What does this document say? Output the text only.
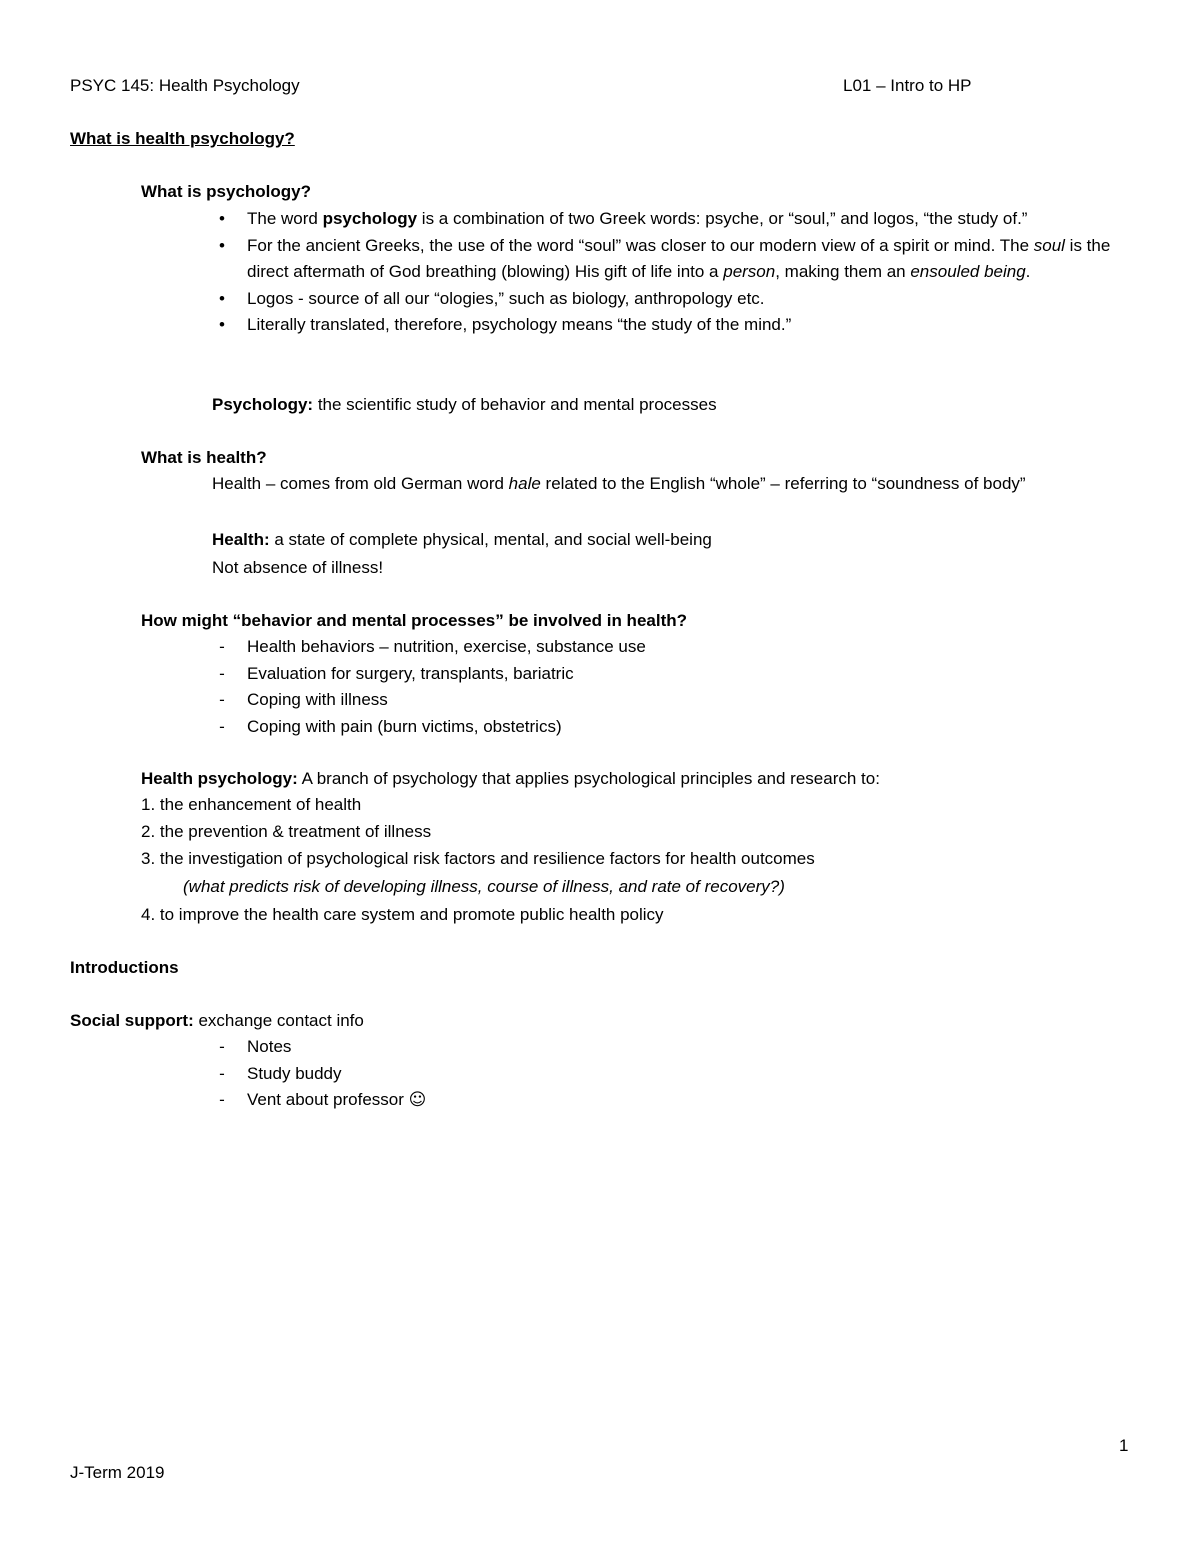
PSYC 145: Health Psychology	L01 – Intro to HP
What is health psychology?
What is psychology?
•	The word psychology is a combination of two Greek words: psyche, or “soul,” and logos, “the study of.”
•	For the ancient Greeks, the use of the word “soul” was closer to our modern view of a spirit or mind. The soul is the direct aftermath of God breathing (blowing) His gift of life into a person, making them an ensouled being.
•	Logos - source of all our “ologies,” such as biology, anthropology etc.
•	Literally translated, therefore, psychology means “the study of the mind.”
Psychology: the scientific study of behavior and mental processes
What is health?
Health – comes from old German word hale related to the English “whole” – referring to “soundness of body”
Health: a state of complete physical, mental, and social well-being
Not absence of illness!
How might “behavior and mental processes” be involved in health?
-	Health behaviors – nutrition, exercise, substance use
-	Evaluation for surgery, transplants, bariatric
-	Coping with illness
-	Coping with pain (burn victims, obstetrics)
Health psychology: A branch of psychology that applies psychological principles and research to:
1. the enhancement of health
2. the prevention & treatment of illness
3. the investigation of psychological risk factors and resilience factors for health outcomes
(what predicts risk of developing illness, course of illness, and rate of recovery?)
4. to improve the health care system and promote public health policy
Introductions
Social support: exchange contact info
-	Notes
-	Study buddy
-	Vent about professor ☺
1
J-Term 2019
